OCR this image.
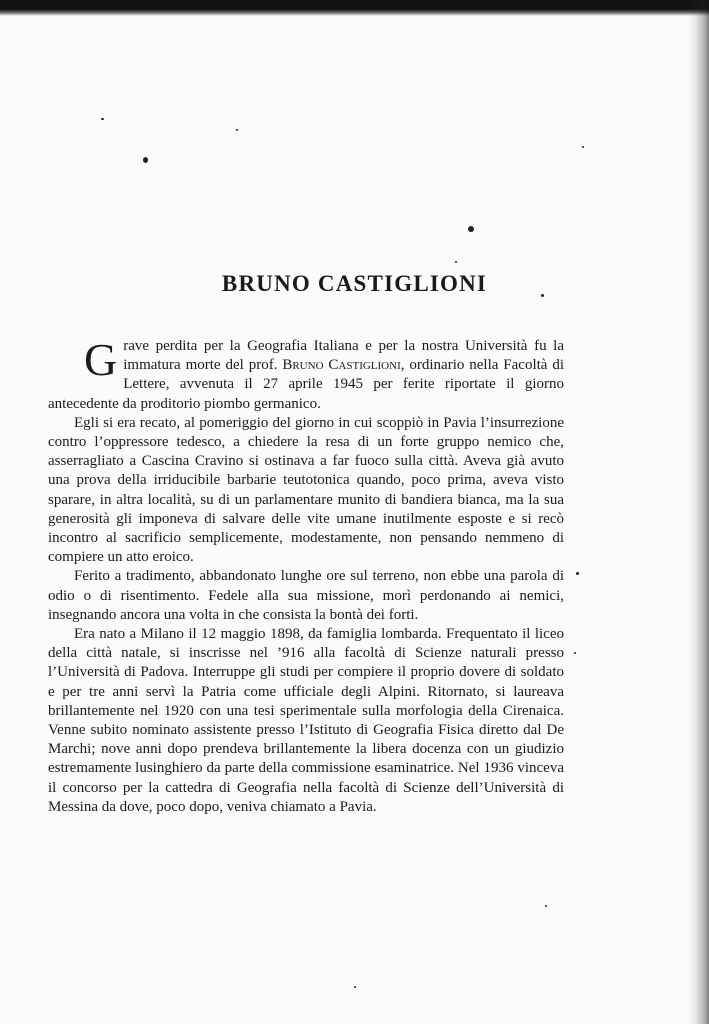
BRUNO CASTIGLIONI

Grave perdita per la Geografia Italiana e per la nostra Università fu la immatura morte del prof. Bruno Castiglioni, ordinario nella Facoltà di Lettere, avvenuta il 27 aprile 1945 per ferite riportate il giorno antecedente da proditorio piombo germanico.

Egli si era recato, al pomeriggio del giorno in cui scoppiò in Pavia l’insurrezione contro l’oppressore tedesco, a chiedere la resa di un forte gruppo nemico che, asserragliato a Cascina Cravino si ostinava a far fuoco sulla città. Aveva già avuto una prova della irriducibile barbarie teutotonica quando, poco prima, aveva visto sparare, in altra località, su di un parlamentare munito di bandiera bianca, ma la sua generosità gli imponeva di salvare delle vite umane inutilmente esposte e si recò incontro al sacrificio semplicemente, modestamente, non pensando nemmeno di compiere un atto eroico.

Ferito a tradimento, abbandonato lunghe ore sul terreno, non ebbe una parola di odio o di risentimento. Fedele alla sua missione, morì perdonando ai nemici, insegnando ancora una volta in che consista la bontà dei forti.

Era nato a Milano il 12 maggio 1898, da famiglia lombarda. Frequentato il liceo della città natale, si inscrisse nel ’916 alla facoltà di Scienze naturali presso l’Università di Padova. Interruppe gli studi per compiere il proprio dovere di soldato e per tre anni servì la Patria come ufficiale degli Alpini. Ritornato, si laureava brillantemente nel 1920 con una tesi sperimentale sulla morfologia della Cirenaica. Venne subito nominato assistente presso l’Istituto di Geografia Fisica diretto dal De Marchi; nove anni dopo prendeva brillantemente la libera docenza con un giudizio estremamente lusinghiero da parte della commissione esaminatrice. Nel 1936 vinceva il concorso per la cattedra di Geografia nella facoltà di Scienze dell’Università di Messina da dove, poco dopo, veniva chiamato a Pavia.
